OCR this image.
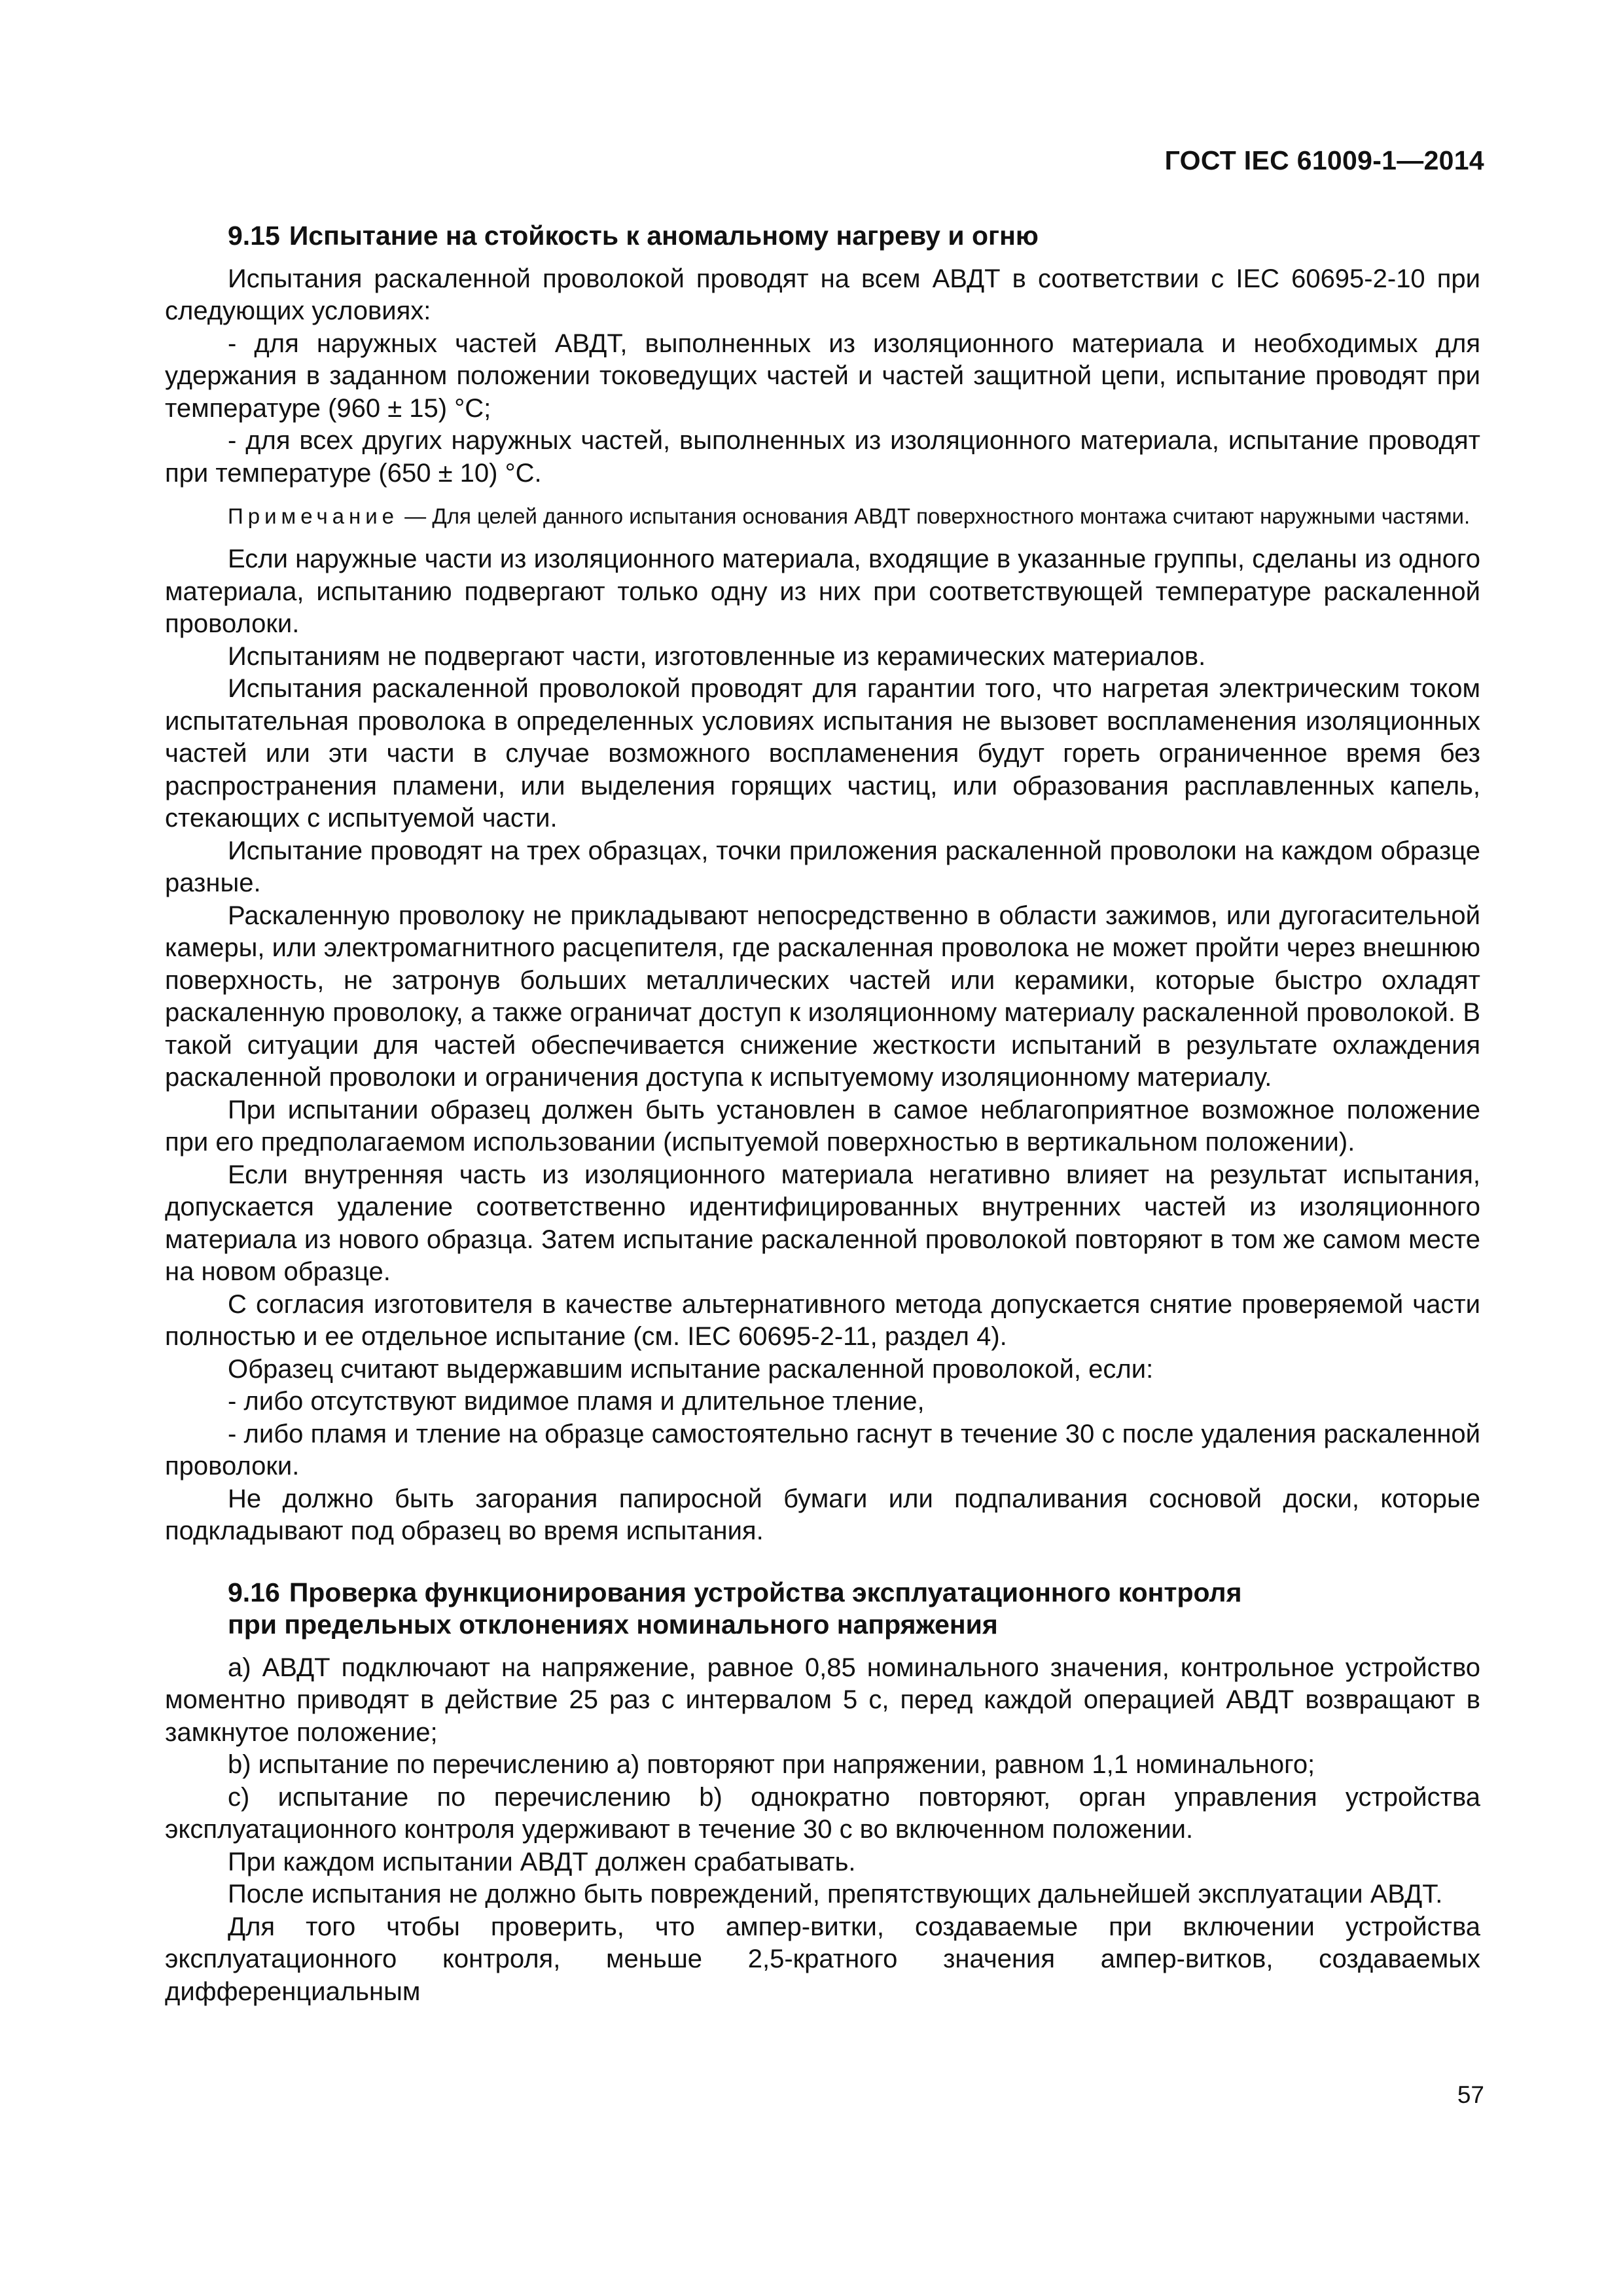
ГОСТ IEC 61009-1—2014
9.15 Испытание на стойкость к аномальному нагреву и огню

Испытания раскаленной проволокой проводят на всем АВДТ в соответствии с IEC 60695-2-10 при следующих условиях:

- для наружных частей АВДТ, выполненных из изоляционного материала и необходимых для удержания в заданном положении токоведущих частей и частей защитной цепи, испытание проводят при температуре (960 ± 15) °С;

- для всех других наружных частей, выполненных из изоляционного материала, испытание проводят при температуре (650 ± 10) °С.

Примечание — Для целей данного испытания основания АВДТ поверхностного монтажа считают наружными частями.

Если наружные части из изоляционного материала, входящие в указанные группы, сделаны из одного материала, испытанию подвергают только одну из них при соответствующей температуре раскаленной проволоки.

Испытаниям не подвергают части, изготовленные из керамических материалов.

Испытания раскаленной проволокой проводят для гарантии того, что нагретая электрическим током испытательная проволока в определенных условиях испытания не вызовет воспламенения изоляционных частей или эти части в случае возможного воспламенения будут гореть ограниченное время без распространения пламени, или выделения горящих частиц, или образования расплавленных капель, стекающих с испытуемой части.

Испытание проводят на трех образцах, точки приложения раскаленной проволоки на каждом образце разные.

Раскаленную проволоку не прикладывают непосредственно в области зажимов, или дугогасительной камеры, или электромагнитного расцепителя, где раскаленная проволока не может пройти через внешнюю поверхность, не затронув больших металлических частей или керамики, которые быстро охладят раскаленную проволоку, а также ограничат доступ к изоляционному материалу раскаленной проволокой. В такой ситуации для частей обеспечивается снижение жесткости испытаний в результате охлаждения раскаленной проволоки и ограничения доступа к испытуемому изоляционному материалу.

При испытании образец должен быть установлен в самое неблагоприятное возможное положение при его предполагаемом использовании (испытуемой поверхностью в вертикальном положении).

Если внутренняя часть из изоляционного материала негативно влияет на результат испытания, допускается удаление соответственно идентифицированных внутренних частей из изоляционного материала из нового образца. Затем испытание раскаленной проволокой повторяют в том же самом месте на новом образце.

С согласия изготовителя в качестве альтернативного метода допускается снятие проверяемой части полностью и ее отдельное испытание (см. IEC 60695-2-11, раздел 4).

Образец считают выдержавшим испытание раскаленной проволокой, если:

- либо отсутствуют видимое пламя и длительное тление,

- либо пламя и тление на образце самостоятельно гаснут в течение 30 с после удаления раскаленной проволоки.

Не должно быть загорания папиросной бумаги или подпаливания сосновой доски, которые подкладывают под образец во время испытания.

9.16 Проверка функционирования устройства эксплуатационного контроля
при предельных отклонениях номинального напряжения

a) АВДТ подключают на напряжение, равное 0,85 номинального значения, контрольное устройство моментно приводят в действие 25 раз с интервалом 5 с, перед каждой операцией АВДТ возвращают в замкнутое положение;

b) испытание по перечислению а) повторяют при напряжении, равном 1,1 номинального;

c) испытание по перечислению b) однократно повторяют, орган управления устройства эксплуатационного контроля удерживают в течение 30 с во включенном положении.

При каждом испытании АВДТ должен срабатывать.

После испытания не должно быть повреждений, препятствующих дальнейшей эксплуатации АВДТ.

Для того чтобы проверить, что ампер-витки, создаваемые при включении устройства эксплуатационного контроля, меньше 2,5-кратного значения ампер-витков, создаваемых дифференциальным

57
